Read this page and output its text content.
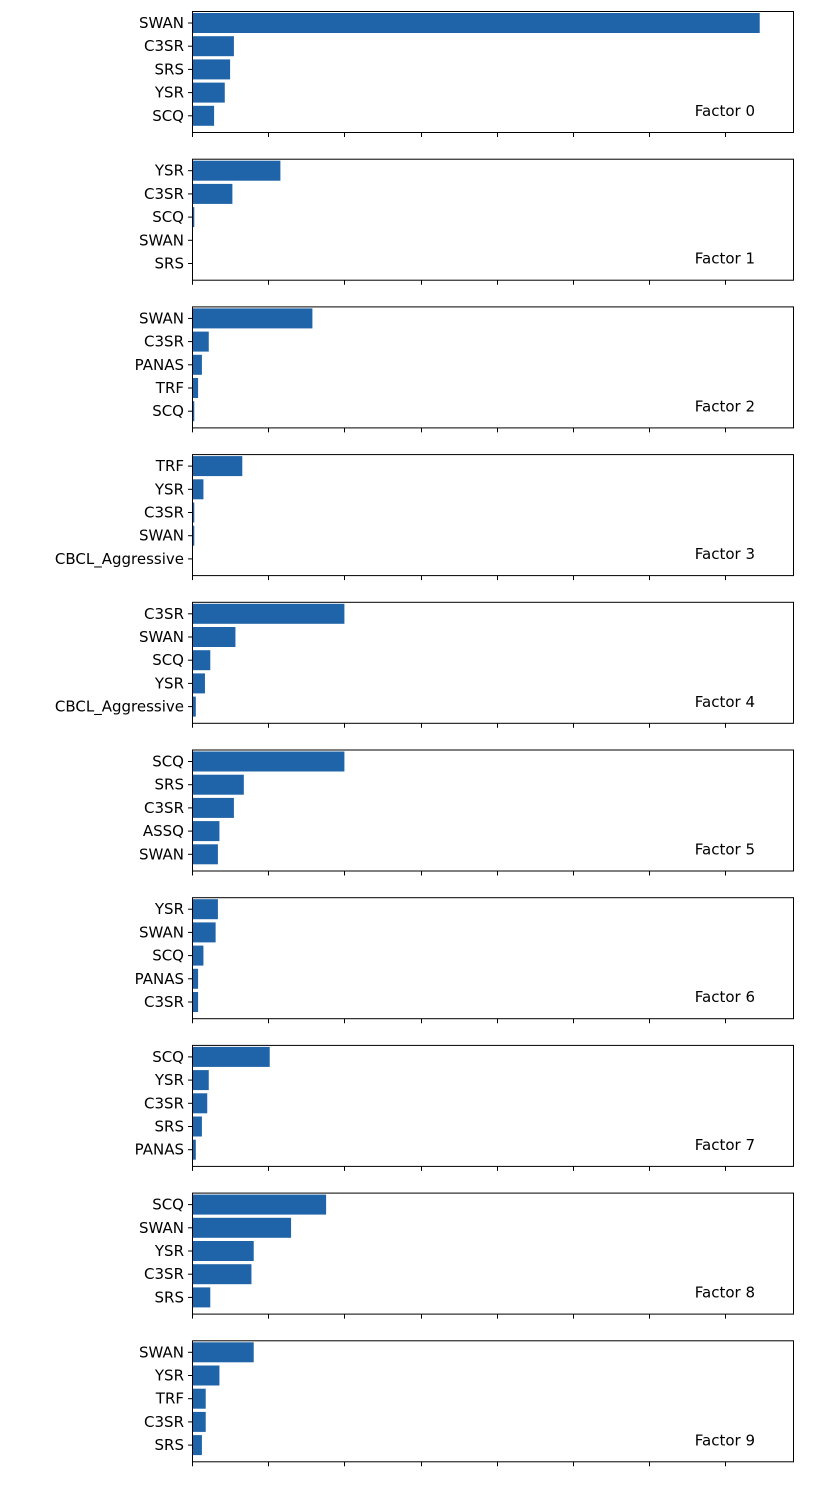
SWAN
C3SR
SRS
YSR
SCQ	Factor 0
YSR
C3SR
SCQ
SWAN
SRS	Factor 1
SWAN
C3SR
PANAS
TRF
SCQ	Factor 2
TRF
YSR
C3SR
SWAN
CBCL_Aggressive	Factor 3
C3SR
SWAN
SCQ
YSR
CBCL_Aggressive	Factor 4
SCQ
SRS
C3SR
ASSQ
SWAN	Factor 5
YSR
SWAN
SCQ
PANAS
C3SR	Factor 6
SCQ
YSR
C3SR
SRS
PANAS	Factor 7
SCQ
SWAN
YSR
C3SR
SRS	Factor 8
SWAN
YSR
TRF
C3SR
SRS	Factor 9
